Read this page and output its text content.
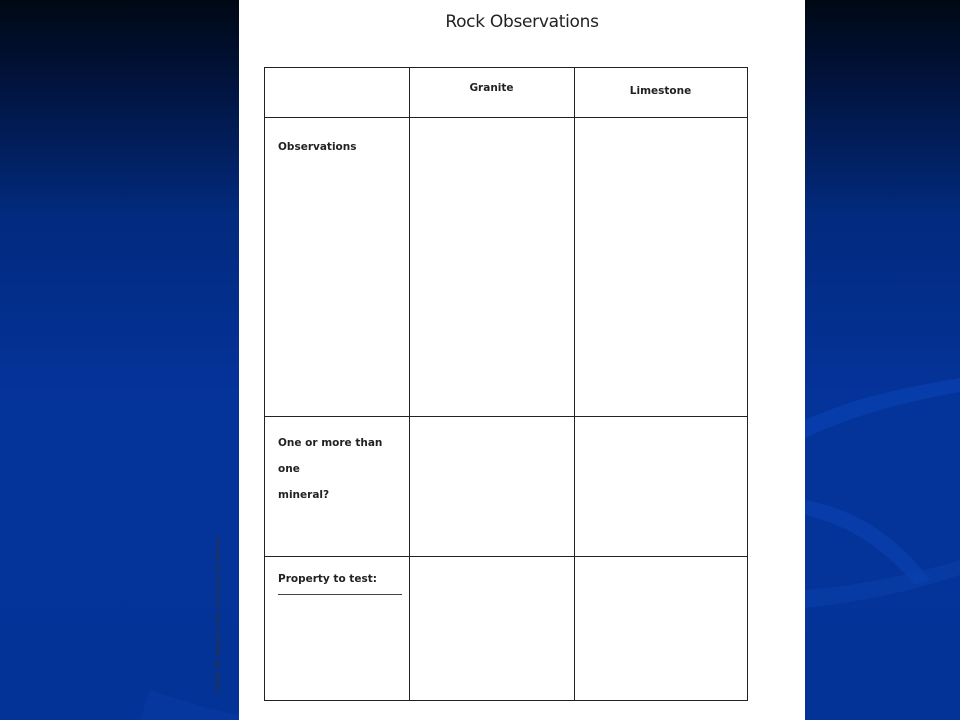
Rock Observations
Granite	Limestone
Observations
One or more than one
mineral?
Property to test:
©2006 The Regents of the University of California
